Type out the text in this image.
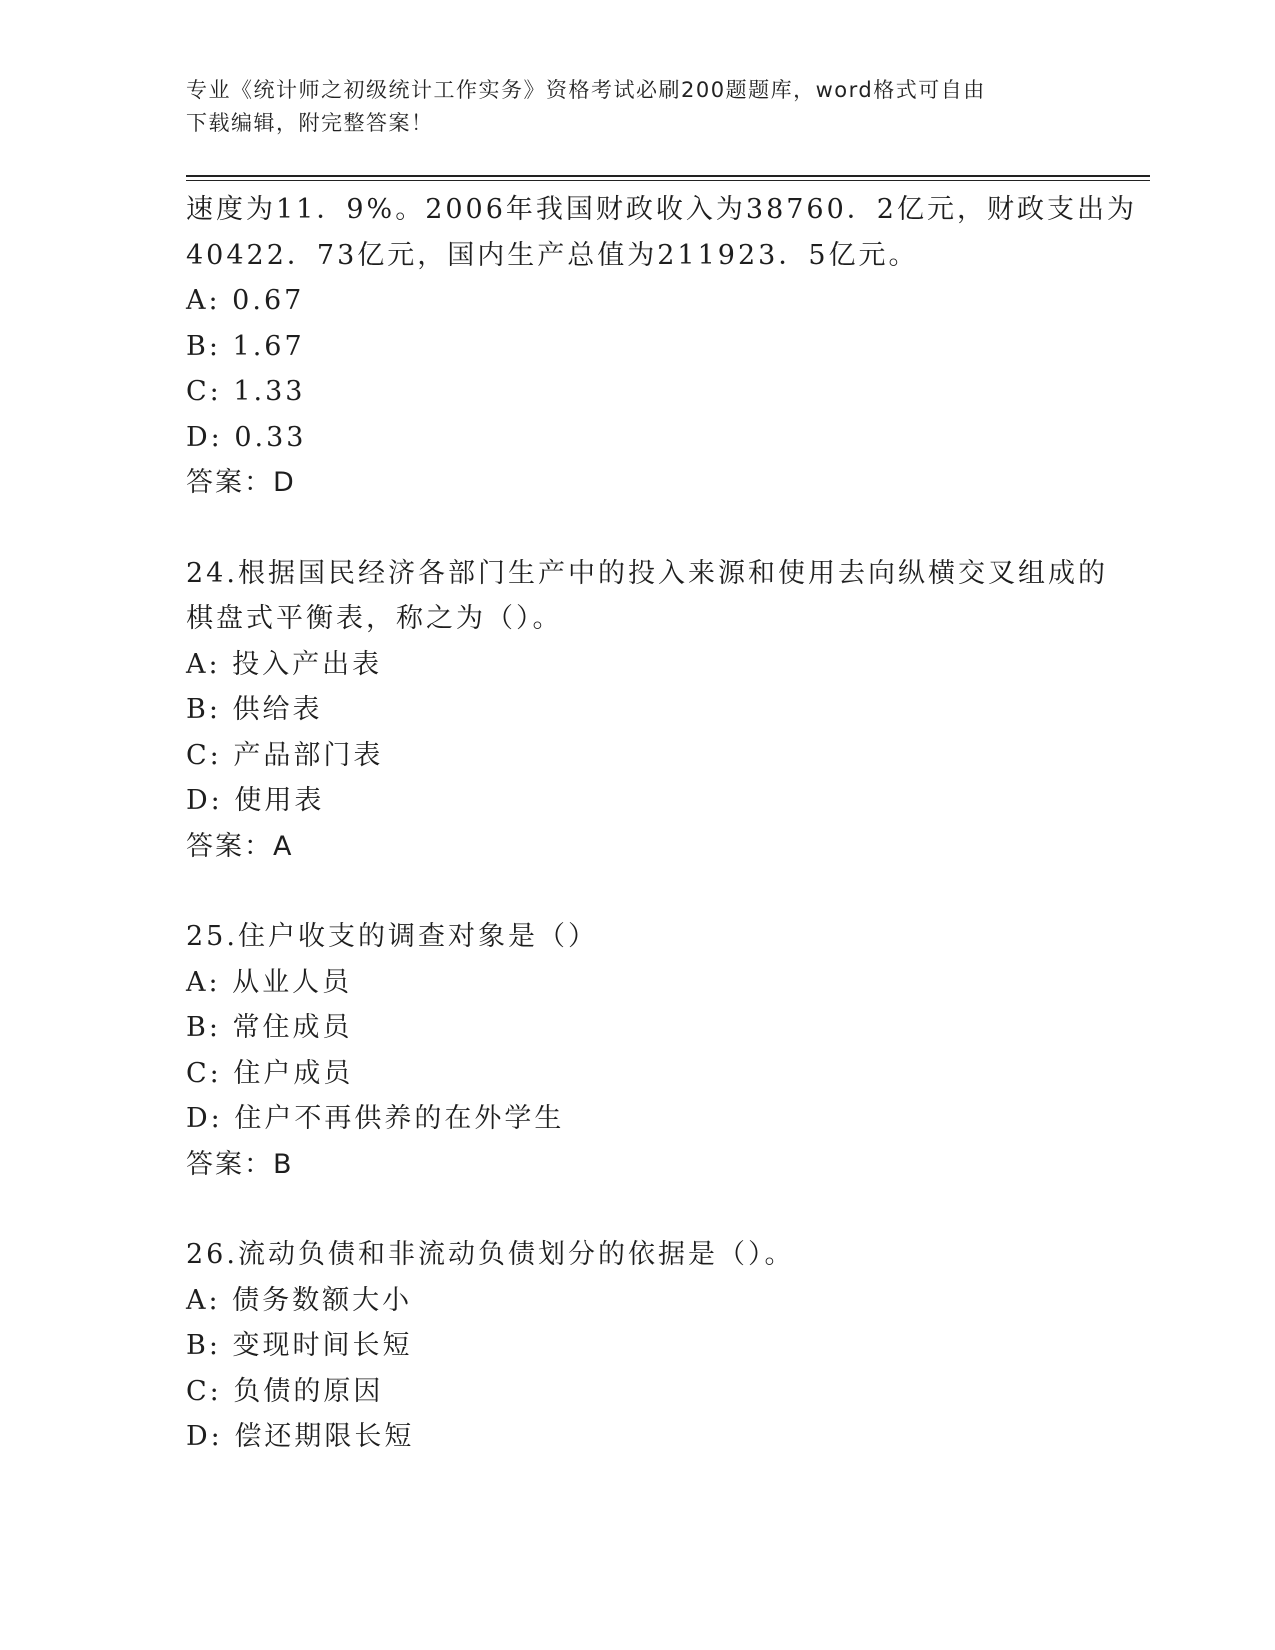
专业《统计师之初级统计工作实务》资格考试必刷200题题库，word格式可自由
下载编辑，附完整答案！
速度为11．9%。2006年我国财政收入为38760．2亿元，财政支出为
40422．73亿元，国内生产总值为211923．5亿元。
A: 0.67
B: 1.67
C: 1.33
D: 0.33
答案：D
24.根据国民经济各部门生产中的投入来源和使用去向纵横交叉组成的
棋盘式平衡表，称之为（）。
A: 投入产出表
B: 供给表
C: 产品部门表
D: 使用表
答案：A
25.住户收支的调查对象是（）
A: 从业人员
B: 常住成员
C: 住户成员
D: 住户不再供养的在外学生
答案：B
26.流动负债和非流动负债划分的依据是（）。
A: 债务数额大小
B: 变现时间长短
C: 负债的原因
D: 偿还期限长短
